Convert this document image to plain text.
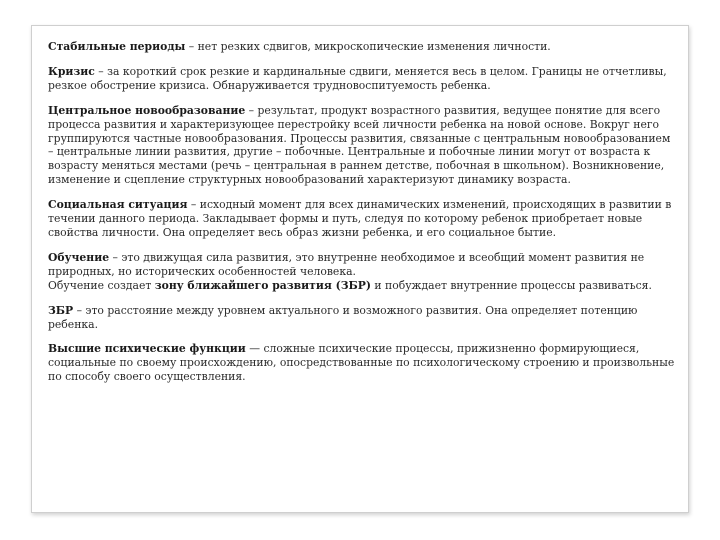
Стабильные периоды – нет резких сдвигов, микроскопические изменения личности.

Кризис – за короткий срок резкие и кардинальные сдвиги, меняется весь в целом. Границы не отчетливы, резкое обострение кризиса. Обнаруживается трудновоспитуемость ребенка.

Центральное новообразование – результат, продукт возрастного развития, ведущее понятие для всего процесса развития и характеризующее перестройку всей личности ребенка на новой основе. Вокруг него группируются частные новообразования. Процессы развития, связанные с центральным новообразованием – центральные линии развития, другие – побочные. Центральные и побочные линии могут от возраста к возрасту меняться местами (речь – центральная в раннем детстве, побочная в школьном). Возникновение, изменение и сцепление структурных новообразований характеризуют динамику возраста.

Социальная ситуация – исходный момент для всех динамических изменений, происходящих в развитии в течении данного периода. Закладывает формы и путь, следуя по которому ребенок приобретает новые свойства личности. Она определяет весь образ жизни ребенка, и его социальное бытие.

Обучение – это движущая сила развития, это внутренне необходимое и всеобщий момент развития не природных, но исторических особенностей человека.
Обучение создает зону ближайшего развития (ЗБР) и побуждает внутренние процессы развиваться.

ЗБР – это расстояние между уровнем актуального и возможного развития. Она определяет потенцию ребенка.

Высшие психические функции — сложные психические процессы, прижизненно формирующиеся, социальные по своему происхождению, опосредствованные по психологическому строению и произвольные по способу своего осуществления.
